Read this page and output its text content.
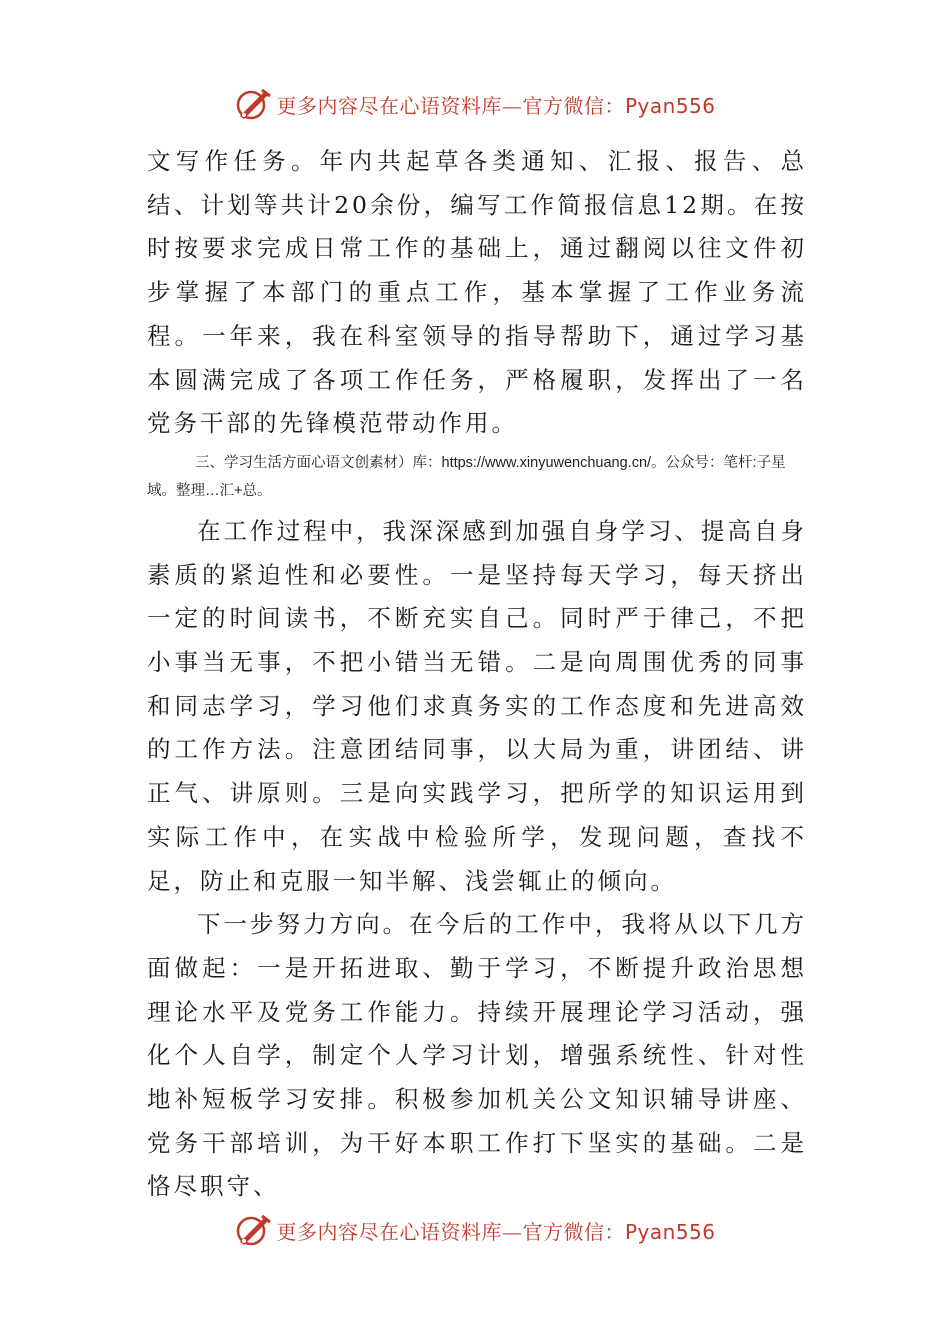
更多内容尽在心语资料库—官方微信：Pyan556

文写作任务。年内共起草各类通知、汇报、报告、总结、计划等共计20余份，编写工作简报信息12期。在按时按要求完成日常工作的基础上，通过翻阅以往文件初步掌握了本部门的重点工作，基本掌握了工作业务流程。一年来，我在科室领导的指导帮助下，通过学习基本圆满完成了各项工作任务，严格履职，发挥出了一名党务干部的先锋模范带动作用。

三、学习生活方面心语文创素材）库：https://www.xinyuwenchuang.cn/。公众号：笔杆:子星域。整理…汇+总。

在工作过程中，我深深感到加强自身学习、提高自身素质的紧迫性和必要性。一是坚持每天学习，每天挤出一定的时间读书，不断充实自己。同时严于律己，不把小事当无事，不把小错当无错。二是向周围优秀的同事和同志学习，学习他们求真务实的工作态度和先进高效的工作方法。注意团结同事，以大局为重，讲团结、讲正气、讲原则。三是向实践学习，把所学的知识运用到实际工作中，在实战中检验所学，发现问题，查找不足，防止和克服一知半解、浅尝辄止的倾向。

下一步努力方向。在今后的工作中，我将从以下几方面做起：一是开拓进取、勤于学习，不断提升政治思想理论水平及党务工作能力。持续开展理论学习活动，强化个人自学，制定个人学习计划，增强系统性、针对性地补短板学习安排。积极参加机关公文知识辅导讲座、党务干部培训，为干好本职工作打下坚实的基础。二是恪尽职守、

更多内容尽在心语资料库—官方微信：Pyan556
